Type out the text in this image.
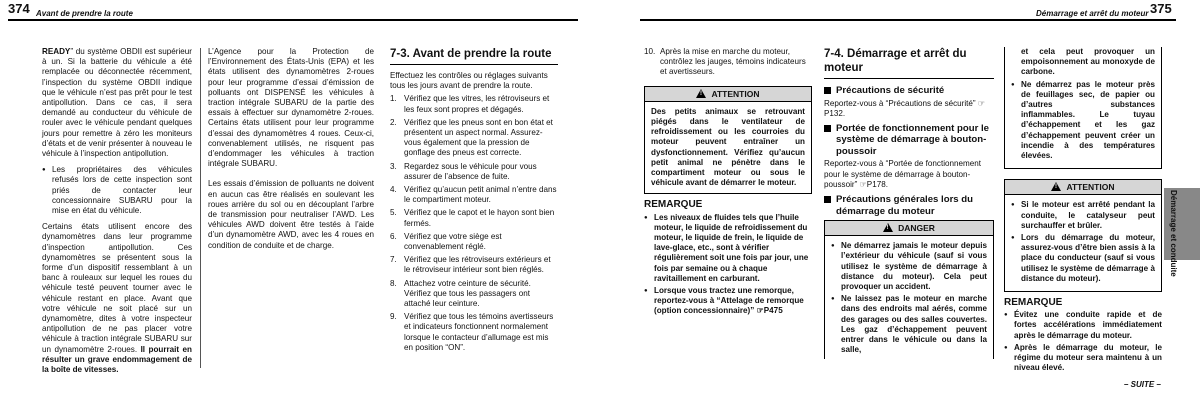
374 Avant de prendre la route	Démarrage et arrêt du moteur 375

READY” du système OBDII est supérieur à un. Si la batterie du véhicule a été remplacée ou déconnectée récemment, l’inspection du système OBDII indique que le véhicule n’est pas prêt pour le test antipollution. Dans ce cas, il sera demandé au conducteur du véhicule de rouler avec le véhicule pendant quelques jours pour remettre à zéro les moniteurs d’états et de venir présenter à nouveau le véhicule à l’inspection antipollution.

● Les propriétaires des véhicules refusés lors de cette inspection sont priés de contacter leur concessionnaire SUBARU pour la mise en état du véhicule.

Certains états utilisent encore des dynamomètres dans leur programme d’inspection antipollution. Ces dynamomètres se présentent sous la forme d’un dispositif ressemblant à un banc à rouleaux sur lequel les roues du véhicule testé peuvent tourner avec le véhicule restant en place. Avant que votre véhicule ne soit placé sur un dynamomètre, dites à votre inspecteur antipollution de ne pas placer votre véhicule à traction intégrale SUBARU sur un dynamomètre 2-roues. Il pourrait en résulter un grave endommagement de la boîte de vitesses.

L’Agence pour la Protection de l’Environnement des États-Unis (EPA) et les états utilisent des dynamomètres 2-roues pour leur programme d’essai d’émission de polluants ont DISPENSÉ les véhicules à traction intégrale SUBARU de la partie des essais à effectuer sur dynamomètre 2-roues. Certains états utilisent pour leur programme d’essai des dynamomètres 4 roues. Ceux-ci, convenablement utilisés, ne risquent pas d’endommager les véhicules à traction intégrale SUBARU.

Les essais d’émission de polluants ne doivent en aucun cas être réalisés en soulevant les roues arrière du sol ou en découplant l’arbre de transmission pour neutraliser l’AWD. Les véhicules AWD doivent être testés à l’aide d’un dynamomètre AWD, avec les 4 roues en condition de conduite et de charge.

7-3. Avant de prendre la route

Effectuez les contrôles ou réglages suivants tous les jours avant de prendre la route.

1. Vérifiez que les vitres, les rétroviseurs et les feux sont propres et dégagés.
2. Vérifiez que les pneus sont en bon état et présentent un aspect normal. Assurez-vous également que la pression de gonflage des pneus est correcte.
3. Regardez sous le véhicule pour vous assurer de l’absence de fuite.
4. Vérifiez qu’aucun petit animal n’entre dans le compartiment moteur.
5. Vérifiez que le capot et le hayon sont bien fermés.
6. Vérifiez que votre siège est convenablement réglé.
7. Vérifiez que les rétroviseurs extérieurs et le rétroviseur intérieur sont bien réglés.
8. Attachez votre ceinture de sécurité. Vérifiez que tous les passagers ont attaché leur ceinture.
9. Vérifiez que tous les témoins avertisseurs et indicateurs fonctionnent normalement lorsque le contacteur d’allumage est mis en position “ON”.
10. Après la mise en marche du moteur, contrôlez les jauges, témoins indicateurs et avertisseurs.
!ATTENTION
Des petits animaux se retrouvant piégés dans le ventilateur de refroidissement ou les courroies du moteur peuvent entraîner un dysfonctionnement. Vérifiez qu’aucun petit animal ne pénètre dans le compartiment moteur ou sous le véhicule avant de démarrer le moteur.
REMARQUE
● Les niveaux de fluides tels que l’huile moteur, le liquide de refroidissement du moteur, le liquide de frein, le liquide de lave-glace, etc., sont à vérifier régulièrement soit une fois par jour, une fois par semaine ou à chaque ravitaillement en carburant.
● Lorsque vous tractez une remorque, reportez-vous à “Attelage de remorque (option concessionnaire)” ☞P475
7-4. Démarrage et arrêt du moteur
Précautions de sécurité

Reportez-vous à “Précautions de sécurité” ☞P132.

Portée de fonctionnement pour le système de démarrage à bouton-poussoir

Reportez-vous à “Portée de fonctionnement pour le système de démarrage à bouton-poussoir” ☞P178.

Précautions générales lors du démarrage du moteur
!DANGER
● Ne démarrez jamais le moteur depuis l’extérieur du véhicule (sauf si vous utilisez le système de démarrage à distance du moteur). Cela peut provoquer un accident.
● Ne laissez pas le moteur en marche dans des endroits mal aérés, comme des garages ou des salles couvertes. Les gaz d’échappement peuvent entrer dans le véhicule ou dans la salle,

et cela peut provoquer un empoisonnement au monoxyde de carbone.

● Ne démarrez pas le moteur près de feuillages sec, de papier ou d’autres substances inflammables. Le tuyau d’échappement et les gaz d’échappement peuvent créer un incendie à des températures élevées.
!ATTENTION
● Si le moteur est arrêté pendant la conduite, le catalyseur peut surchauffer et brûler.
● Lors du démarrage du moteur, assurez-vous d’être bien assis à la place du conducteur (sauf si vous utilisez le système de démarrage à distance du moteur).
REMARQUE
● Évitez une conduite rapide et de fortes accélérations immédiatement après le démarrage du moteur.
● Après le démarrage du moteur, le régime du moteur sera maintenu à un niveau élevé.
– SUITE –
Démarrage et conduite
